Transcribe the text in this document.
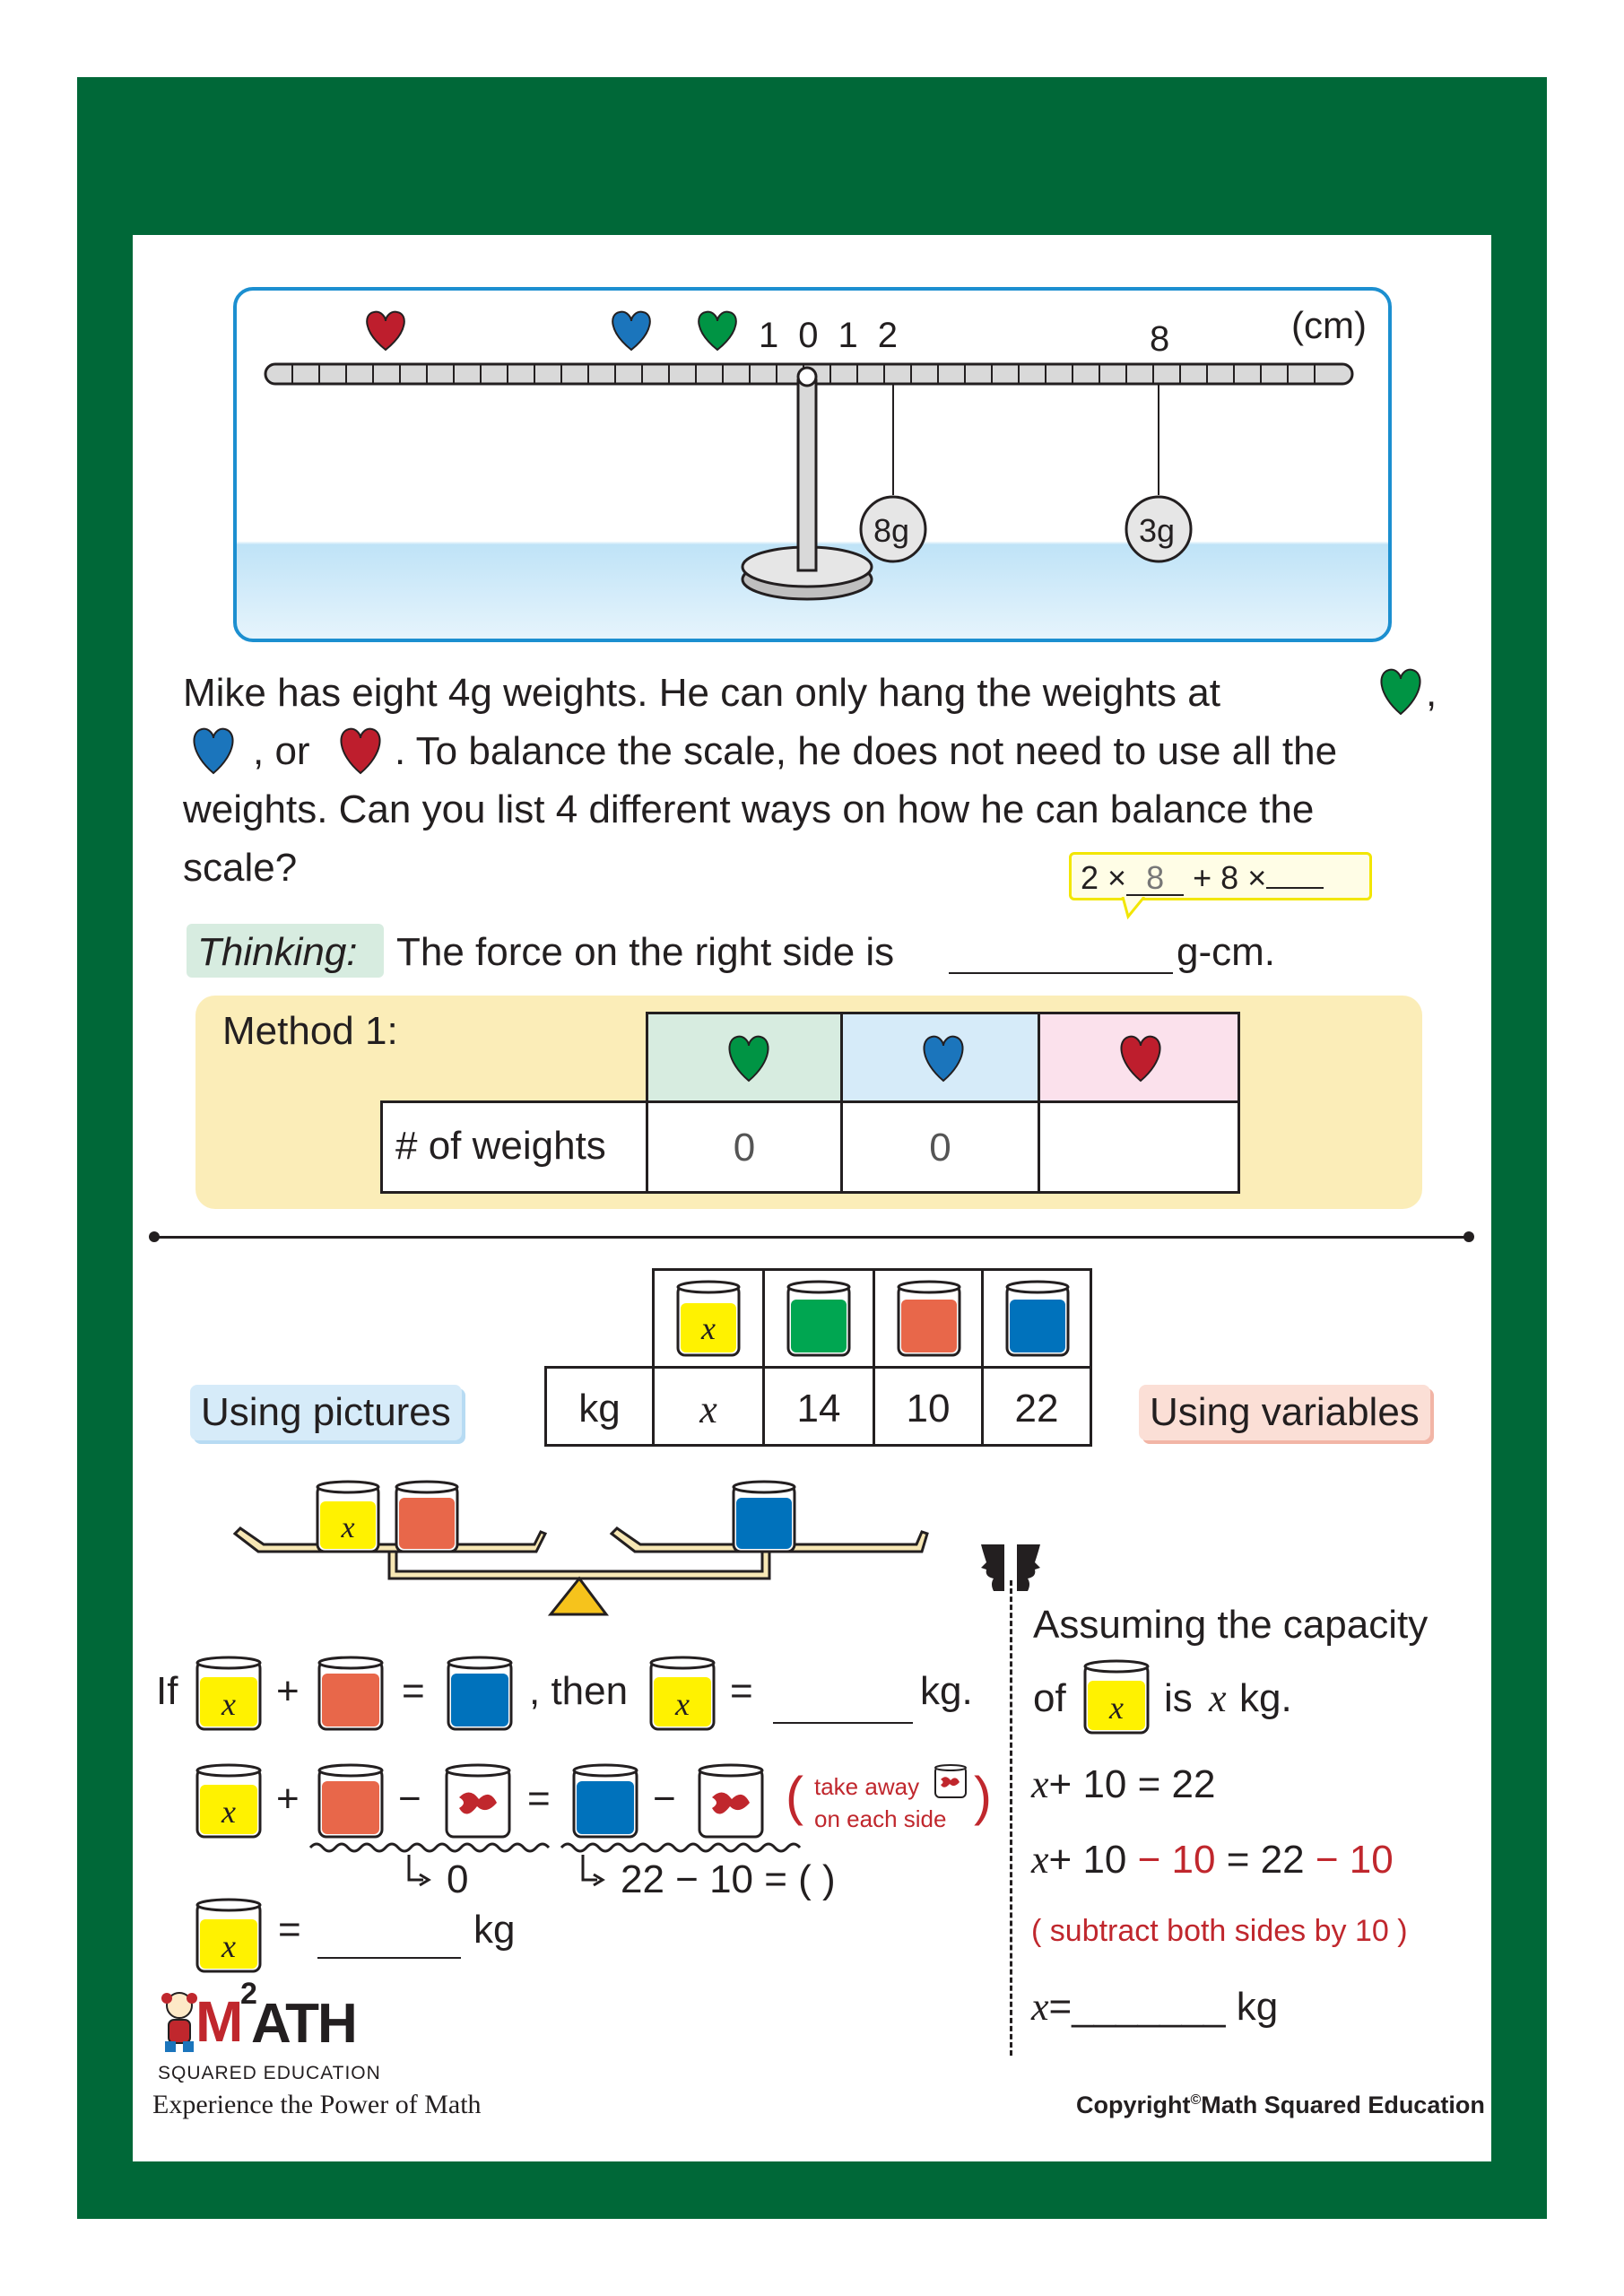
1012	8	(cm)
8g	3g
Mike has eight 4g weights. He can only hang the weights at	,
, or . To balance the scale, he does not need to use all the
weights. Can you list 4 different ways on how he can balance the
scale?	2 × 8 + 8 ×
Thinking: The force on the right side is	g-cm.
Method 1:
# of weights	0	0
Using pictures	Using variables
x
kg	x	14	10	22
x
If x +	=	, then x =	kg.
x +	−	=	− ( take away
on each side )
0	22 − 10 = ( )
x =	kg
Assuming the capacity
of x is x kg.
x+ 10 = 22
x+ 10 − 10 = 22 − 10
( subtract both sides by 10 )
x=_______ kg
M
2
ATH
SQUARED EDUCATION
Experience the Power of Math	Copyright©Math Squared Education
